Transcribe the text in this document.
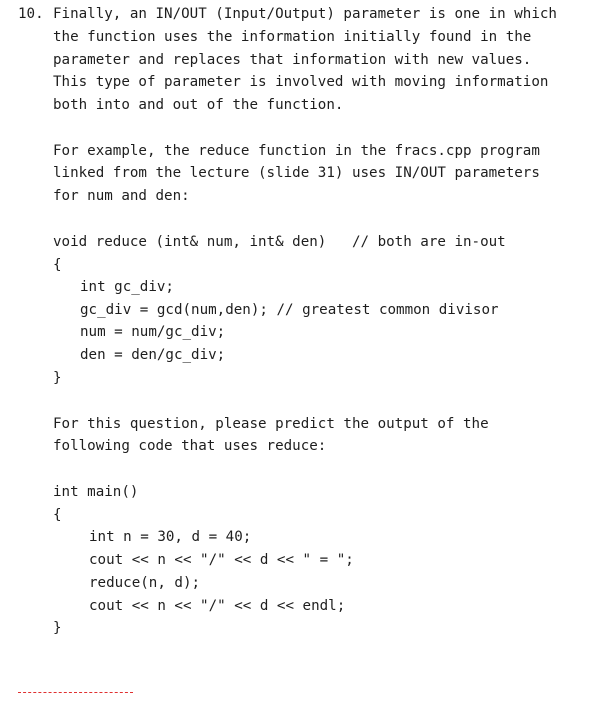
10. Finally, an IN/OUT (Input/Output) parameter is one in which
the function uses the information initially found in the
parameter and replaces that information with new values.
This type of parameter is involved with moving information
both into and out of the function.
For example, the reduce function in the fracs.cpp program
linked from the lecture (slide 31) uses IN/OUT parameters
for num and den:
void reduce (int& num, int& den)   // both are in-out
{
int gc_div;
gc_div = gcd(num,den); // greatest common divisor
num = num/gc_div;
den = den/gc_div;
}
For this question, please predict the output of the
following code that uses reduce:
int main()
{
int n = 30, d = 40;
cout << n << "/" << d << " = ";
reduce(n, d);
cout << n << "/" << d << endl;
}
